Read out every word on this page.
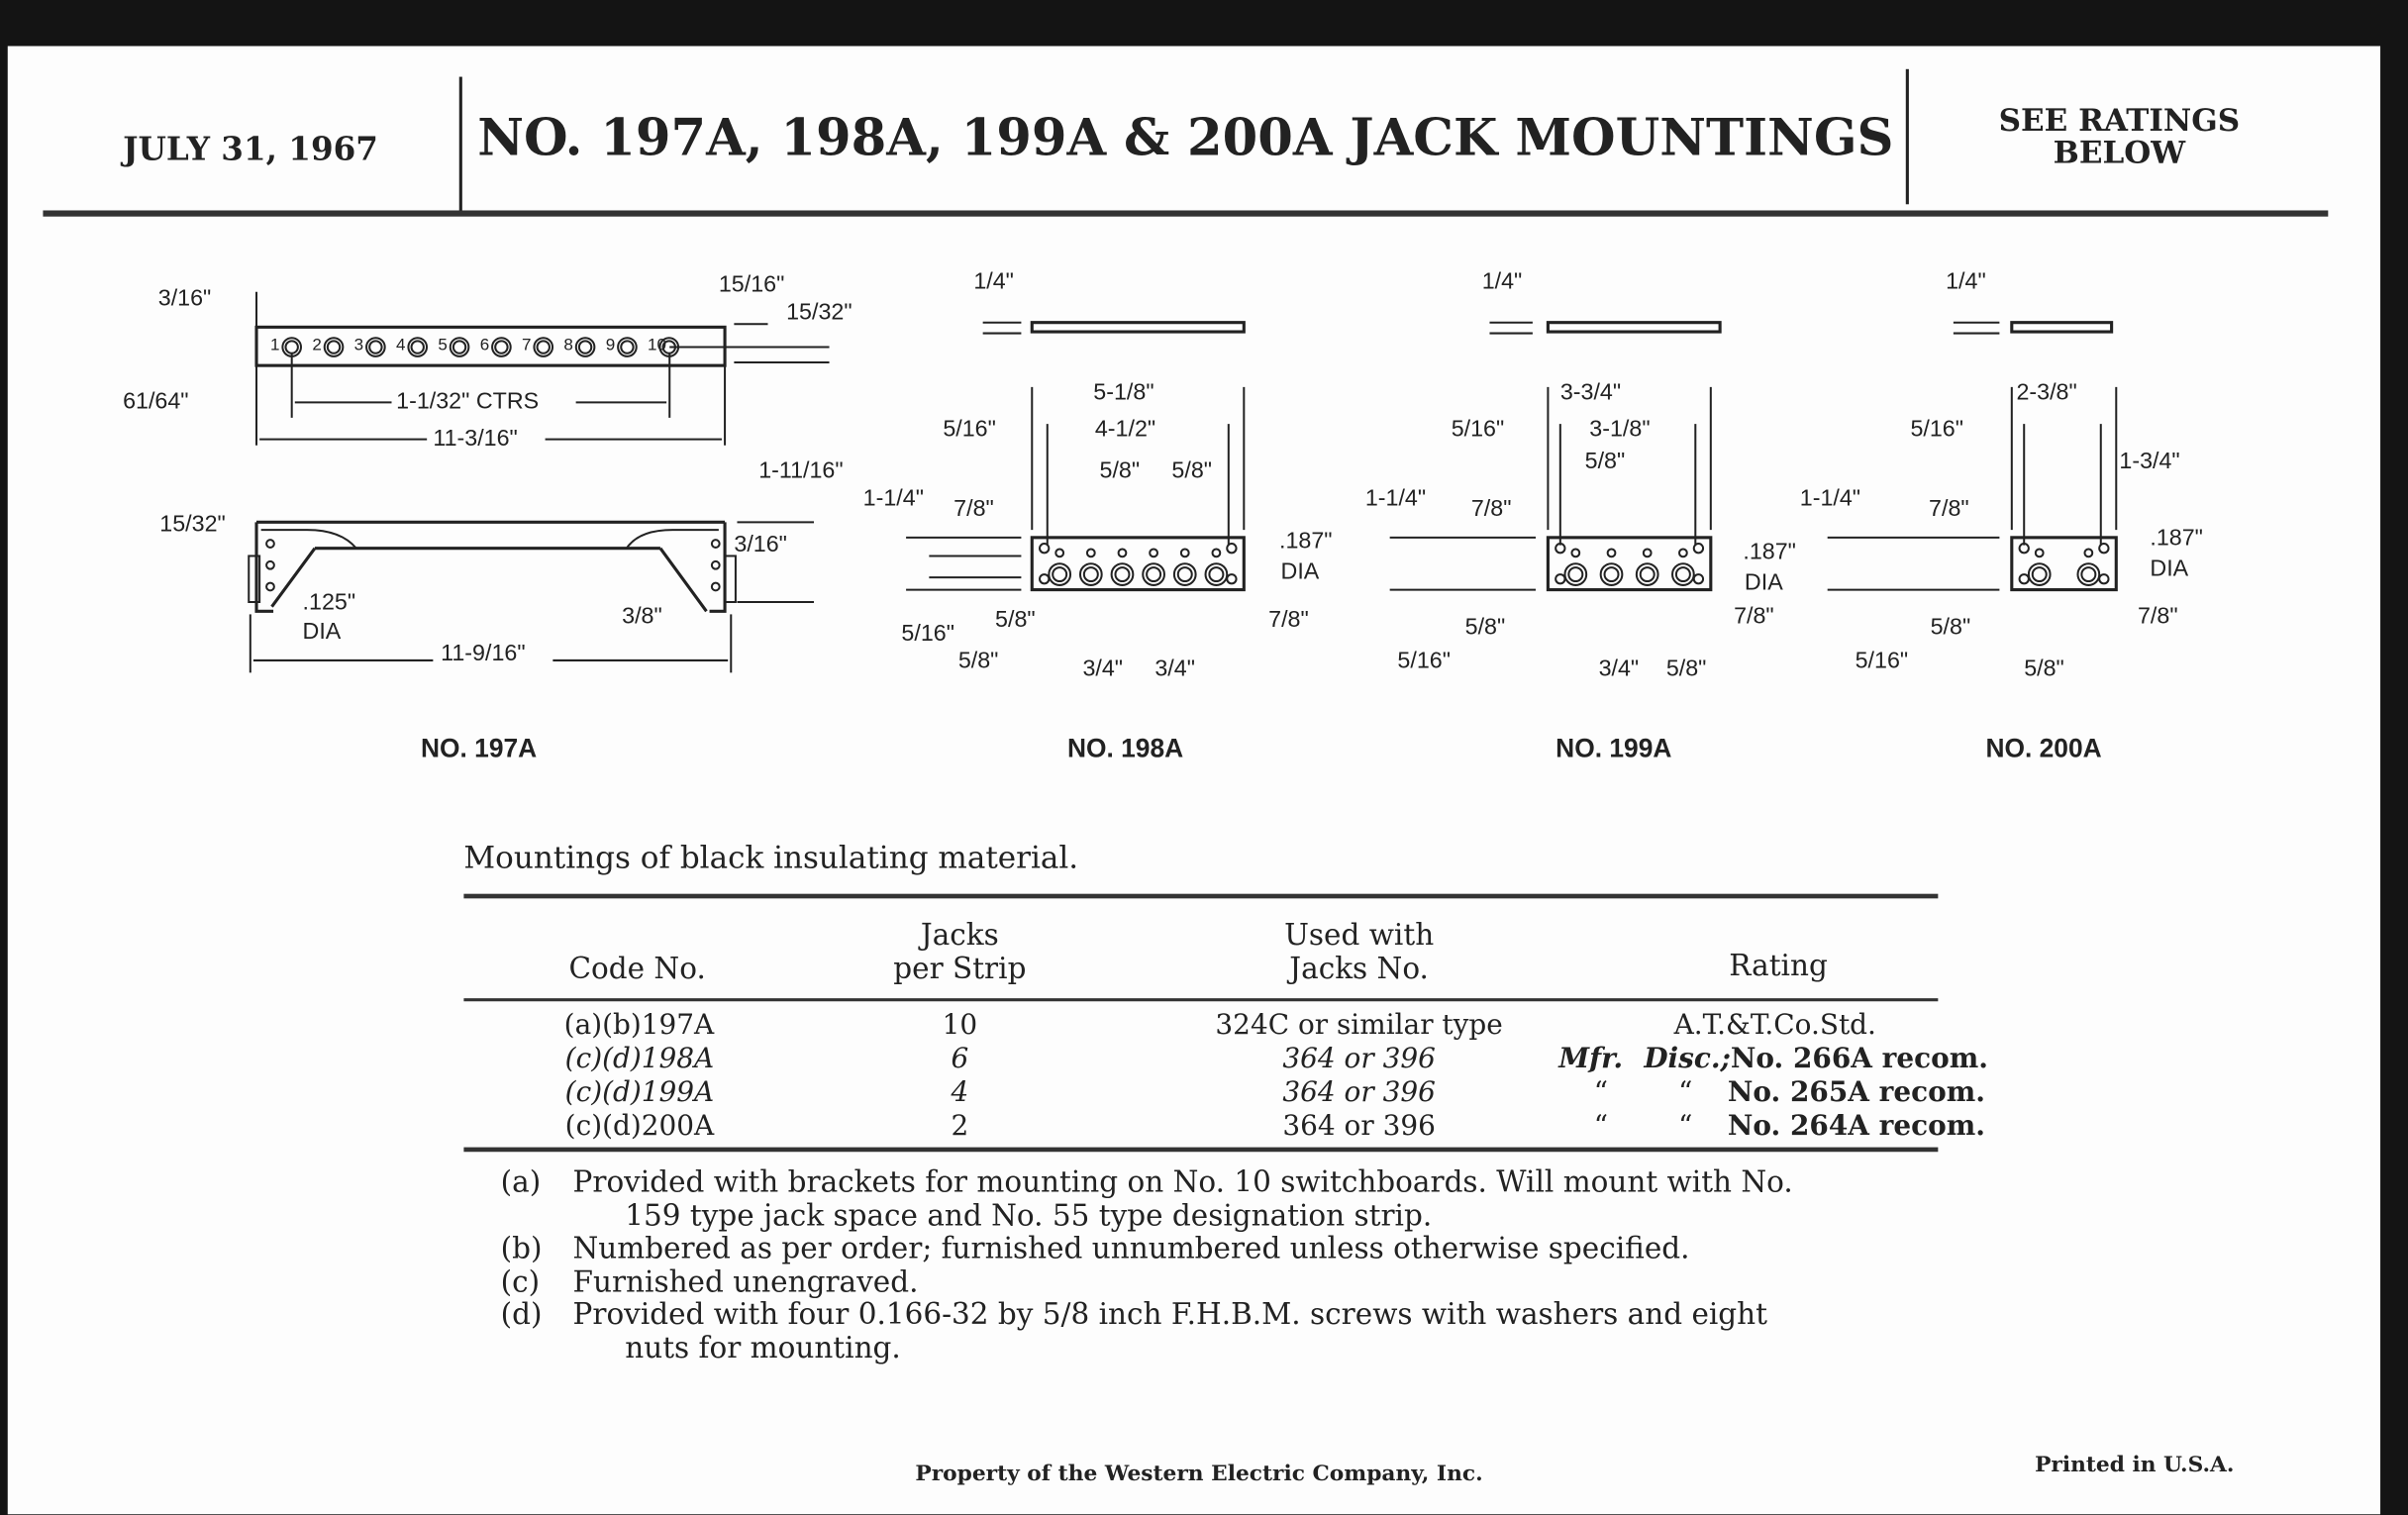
JULY 31, 1967	NO. 197A, 198A, 199A & 200A JACK MOUNTINGS	SEE RATINGS
BELOW
3/16"
15/16"
15/32"
61/64"	1-1/32" CTRS
11-3/16"
1-11/16"
15/32"
3/16"
.125"
DIA
3/8"
11-9/16"
NO. 197A
1	2	3	4	5	6	7	8	9	10
1/4"
5-1/8"
5/16"	4-1/2"
5/8" 5/8"
1-1/4" 7/8"
.187"
DIA
5/8"	7/8"
5/16"
5/8"	3/4" 3/4"
NO. 198A
1/4"
3-3/4"
5/16"	3-1/8"
5/8"
1-1/4"	7/8"
.187"
DIA
7/8"
5/8"
5/16"	3/4" 5/8"
NO. 199A
1/4"
2-3/8"
5/16"
1-3/4"
1-1/4"	7/8"
.187"
DIA
7/8"
5/8"
5/16"	5/8"
NO. 200A
Mountings of black insulating material.
Code No.
Jacks
per Strip
Used with
Jacks No.	Rating
(a)(b)197A		10		324C or similar type		A.T.&T.Co.Std.
(c)(d)198A		6		364 or 396		Mfr. Disc.;No. 266A recom.
(c)(d)199A		4		364 or 396		“ “ No. 265A recom.
(c)(d)200A		2		364 or 396		“ “ No. 264A recom.
(a) Provided with brackets for mounting on No. 10 switchboards. Will mount with No.
159 type jack space and No. 55 type designation strip.
(b) Numbered as per order; furnished unnumbered unless otherwise specified.
(c) Furnished unengraved.
(d) Provided with four 0.166-32 by 5/8 inch F.H.B.M. screws with washers and eight
nuts for mounting.
Property of the Western Electric Company, Inc.	Printed in U.S.A.
